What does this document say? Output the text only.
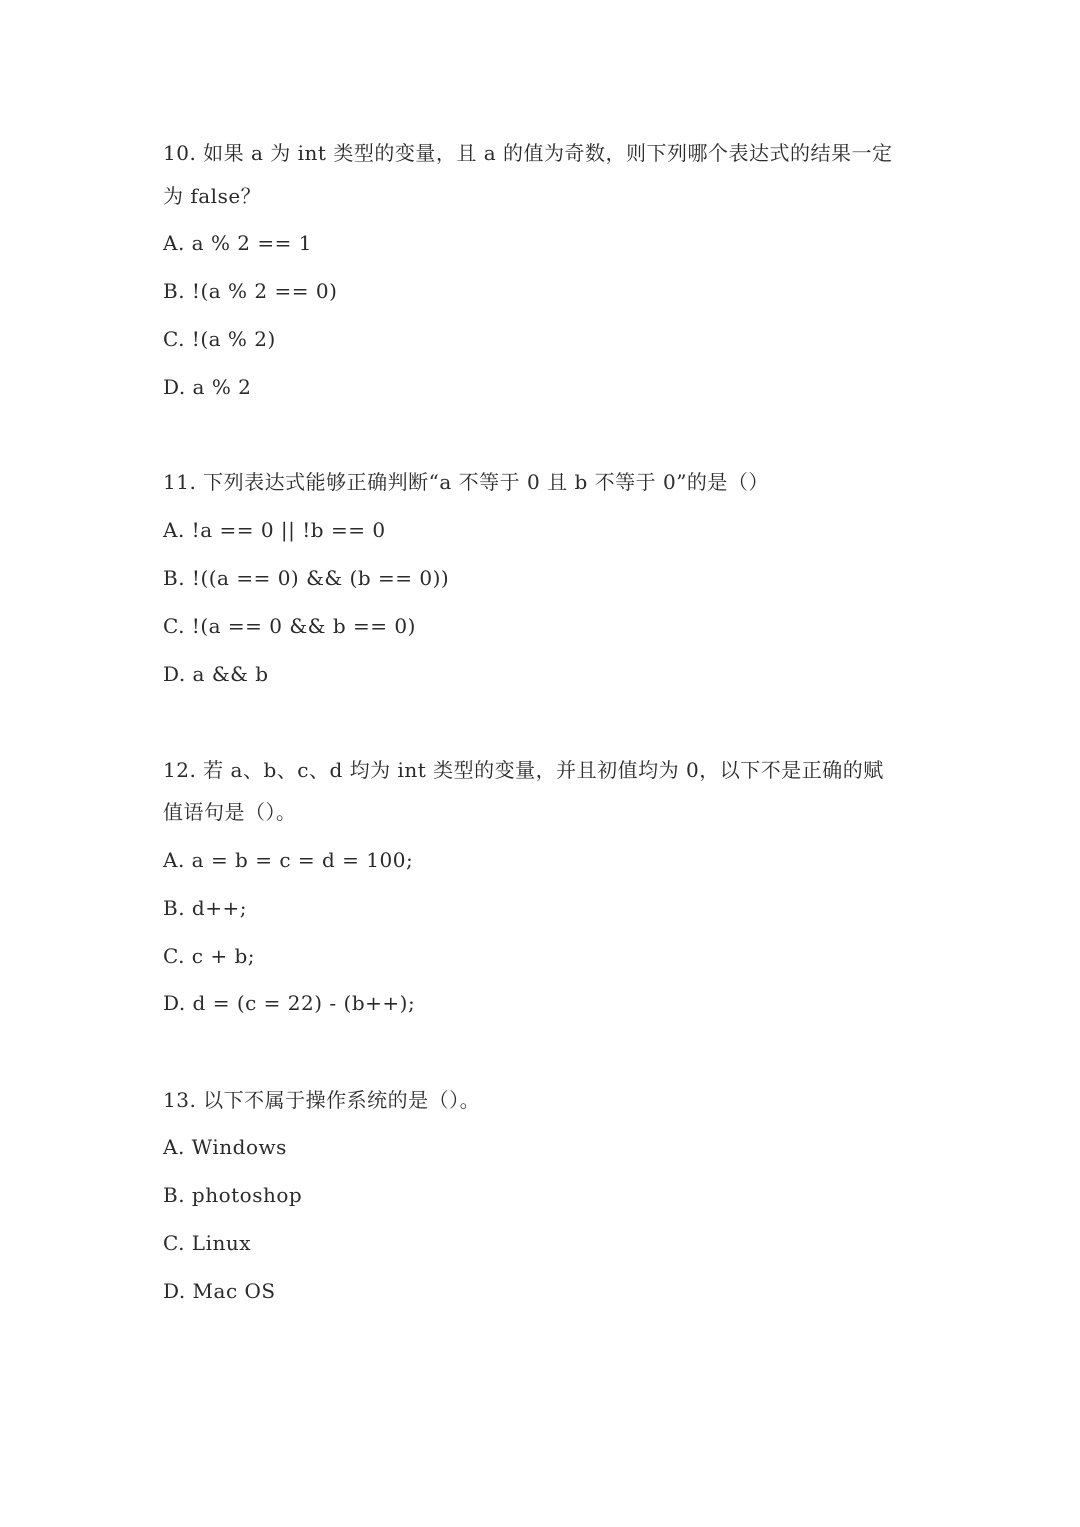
10. 如果 a 为 int 类型的变量，且 a 的值为奇数，则下列哪个表达式的结果一定
为 false？
A. a % 2 == 1
B. !(a % 2 == 0)
C. !(a % 2)
D. a % 2
11. 下列表达式能够正确判断“a 不等于 0 且 b 不等于 0”的是（）
A. !a == 0 || !b == 0
B. !((a == 0) && (b == 0))
C. !(a == 0 && b == 0)
D. a && b
12. 若 a、b、c、d 均为 int 类型的变量，并且初值均为 0，以下不是正确的赋
值语句是（）。
A. a = b = c = d = 100;
B. d++;
C. c + b;
D. d = (c = 22) - (b++);
13. 以下不属于操作系统的是（）。
A. Windows
B. photoshop
C. Linux
D. Mac OS
